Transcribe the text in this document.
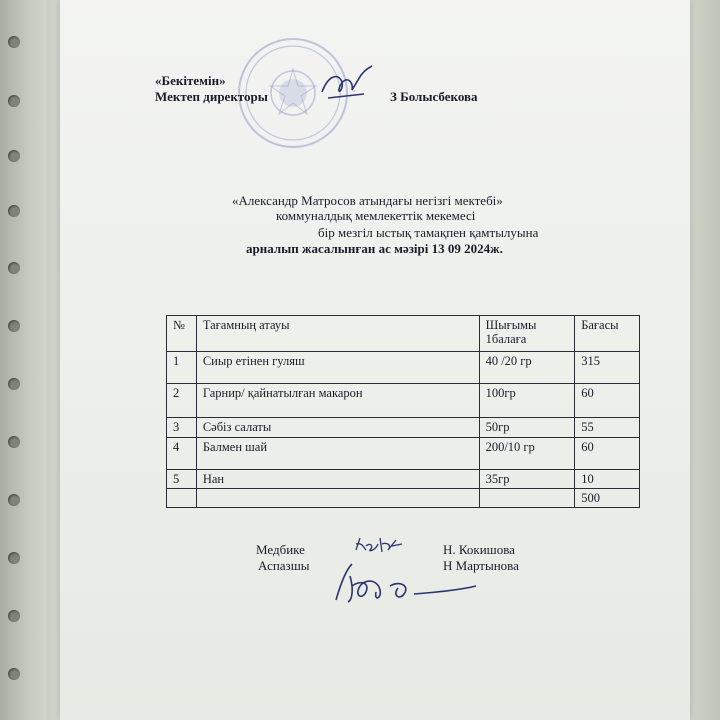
«Бекітемін»
Мектеп директоры	З Болысбекова
«Александр Матросов атындағы негізгі мектебі»
коммуналдық мемлекеттік мекемесі
бір мезгіл ыстық тамақпен қамтылуына
арналып жасалынған ас мәзірі 13 09 2024ж.
№	Тағамның атауы	Шығымы 1балаға	Бағасы
1	Сиыр етінен гуляш	40 /20 гр	315
2	Гарнир/ қайнатылған макарон	100гр	60
3	Сәбіз салаты	50гр	55
4	Балмен шай	200/10 гр	60
5	Нан	35гр	10
			500
Медбике	Н. Кокишова
Аспазшы	Н Мартынова
